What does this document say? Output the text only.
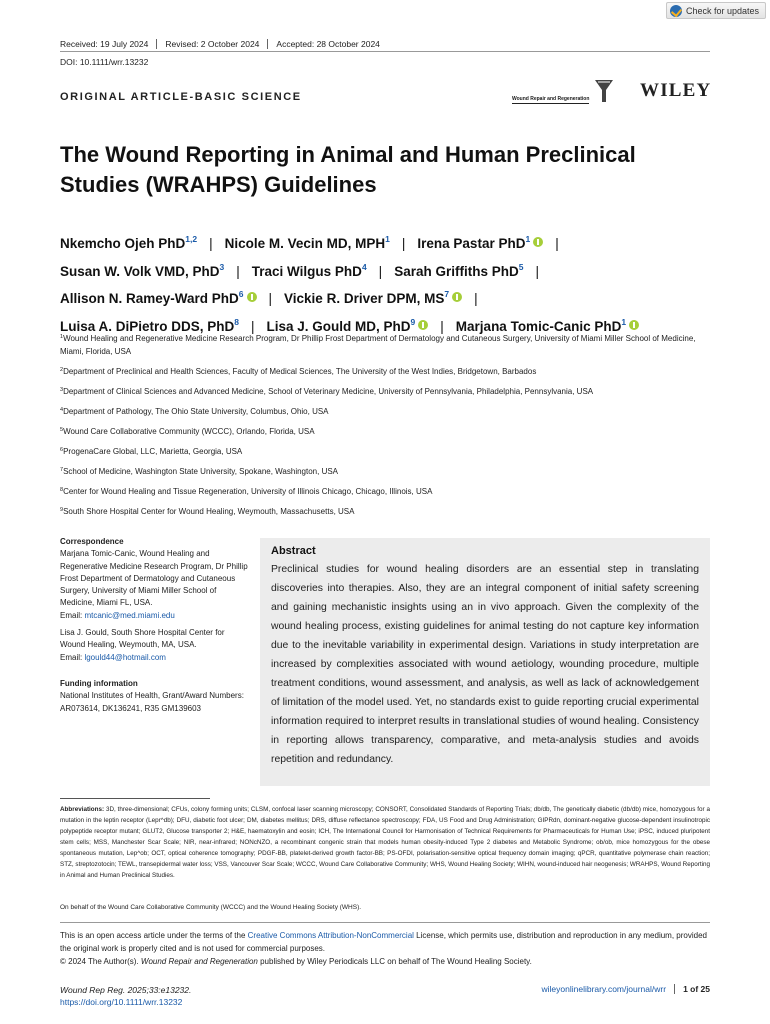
Check for updates
Received: 19 July 2024	Revised: 2 October 2024	Accepted: 28 October 2024
DOI: 10.1111/wrr.13232
ORIGINAL ARTICLE-BASIC SCIENCE	Wound Repair and Regeneration	WILEY
The Wound Reporting in Animal and Human Preclinical Studies (WRAHPS) Guidelines
Nkemcho Ojeh PhD$^{1,2}$ | Nicole M. Vecin MD, MPH$^1$ | Irena Pastar PhD$^1$ |
Susan W. Volk VMD, PhD$^3$ | Traci Wilgus PhD$^4$ | Sarah Griffiths PhD$^5$ |
Allison N. Ramey-Ward PhD$^6$ | Vickie R. Driver DPM, $MS^7$ |
Luisa A. DiPietro DDS, PhD$^8$ | Lisa J. Gould MD, PhD$^9$ | Marjana Tomic-Canic PhD$^1$

$^1$Wound Healing and Regenerative Medicine Research Program, Dr Phillip Frost Department of Dermatology and Cutaneous Surgery, University of Miami Miller School of Medicine, Miami, Florida, USA

$^2$Department of Preclinical and Health Sciences, Faculty of Medical Sciences, The University of the West Indies, Bridgetown, Barbados

$^3$Department of Clinical Sciences and Advanced Medicine, School of Veterinary Medicine, University of Pennsylvania, Philadelphia, Pennsylvania, USA

$^4$Department of Pathology, The Ohio State University, Columbus, Ohio, USA

$^5$Wound Care Collaborative Community (WCCC), Orlando, Florida, USA

$^6$ProgenaCare Global, LLC, Marietta, Georgia, USA

$^7$School of Medicine, Washington State University, Spokane, Washington, USA

$^8$Center for Wound Healing and Tissue Regeneration, University of Illinois Chicago, Chicago, Illinois, USA

$^9$South Shore Hospital Center for Wound Healing, Weymouth, Massachusetts, USA

Correspondence
Marjana Tomic-Canic, Wound Healing and Regenerative Medicine Research Program, Dr Phillip Frost Department of Dermatology and Cutaneous Surgery, University of Miami Miller School of Medicine, Miami FL, USA.
Email: mtcanic@med.miami.edu
Lisa J. Gould, South Shore Hospital Center for Wound Healing, Weymouth, MA, USA.
Email: lgould44@hotmail.com
Funding information
National Institutes of Health, Grant/Award Numbers: AR073614, DK136241, R35 GM139603
Abstract

Preclinical studies for wound healing disorders are an essential step in translating discoveries into therapies. Also, they are an integral component of initial safety screening and gaining mechanistic insights using an in vivo approach. Given the complexity of the wound healing process, existing guidelines for animal testing do not capture key information due to the inevitable variability in experimental design. Variations in study interpretation are increased by complexities associated with wound aetiology, wounding procedure, multiple treatment conditions, wound assessment, and analysis, as well as lack of acknowledgement of limitation of the model used. Yet, no standards exist to guide reporting crucial experimental information required to interpret results in translational studies of wound healing. Consistency in reporting allows transparency, comparative, and meta-analysis studies and avoids repetition and redundancy.

Abbreviations: 3D, three-dimensional; CFUs, colony forming units; CLSM, confocal laser scanning microscopy; CONSORT, Consolidated Standards of Reporting Trials; db/db, The genetically diabetic (db/db) mice, homozygous for a mutation in the leptin receptor (Lepr^db); DFU, diabetic foot ulcer; DM, diabetes mellitus; DRS, diffuse reflectance spectroscopy; FDA, US Food and Drug Administration; GIPRdn, dominant-negative glucose-dependent insulinotropic polypeptide receptor mutant; GLUT2, Glucose transporter 2; H&E, haematoxylin and eosin; ICH, The International Council for Harmonisation of Technical Requirements for Pharmaceuticals for Human Use; iPSC, induced pluripotent stem cells; MSS, Manchester Scar Scale; NIR, near-infrared; NONcNZO, a recombinant congenic strain that models human obesity-induced Type 2 diabetes and Metabolic Syndrome; ob/ob, mice homozygous for the obese spontaneous mutation, Lep^ob; OCT, optical coherence tomography; PDGF-BB, platelet-derived growth factor-BB; PS-OFDI, polarisation-sensitive optical frequency domain imaging; qPCR, quantitative polymerase chain reaction; STZ, streptozotocin; TEWL, transepidermal water loss; VSS, Vancouver Scar Scale; WCCC, Wound Care Collaborative Community; WHS, Wound Healing Society; WIHN, wound-induced hair neogenesis; WRAHPS, Wound Reporting in Animal and Human Preclinical Studies.
On behalf of the Wound Care Collaborative Community (WCCC) and the Wound Healing Society (WHS).
This is an open access article under the terms of the Creative Commons Attribution-NonCommercial License, which permits use, distribution and reproduction in any medium, provided the original work is properly cited and is not used for commercial purposes.
© 2024 The Author(s). Wound Repair and Regeneration published by Wiley Periodicals LLC on behalf of The Wound Healing Society.
Wound Rep Reg. 2025;33:e13232.
https://doi.org/10.1111/wrr.13232
wileyonlinelibrary.com/journal/wrr	1 of 25
